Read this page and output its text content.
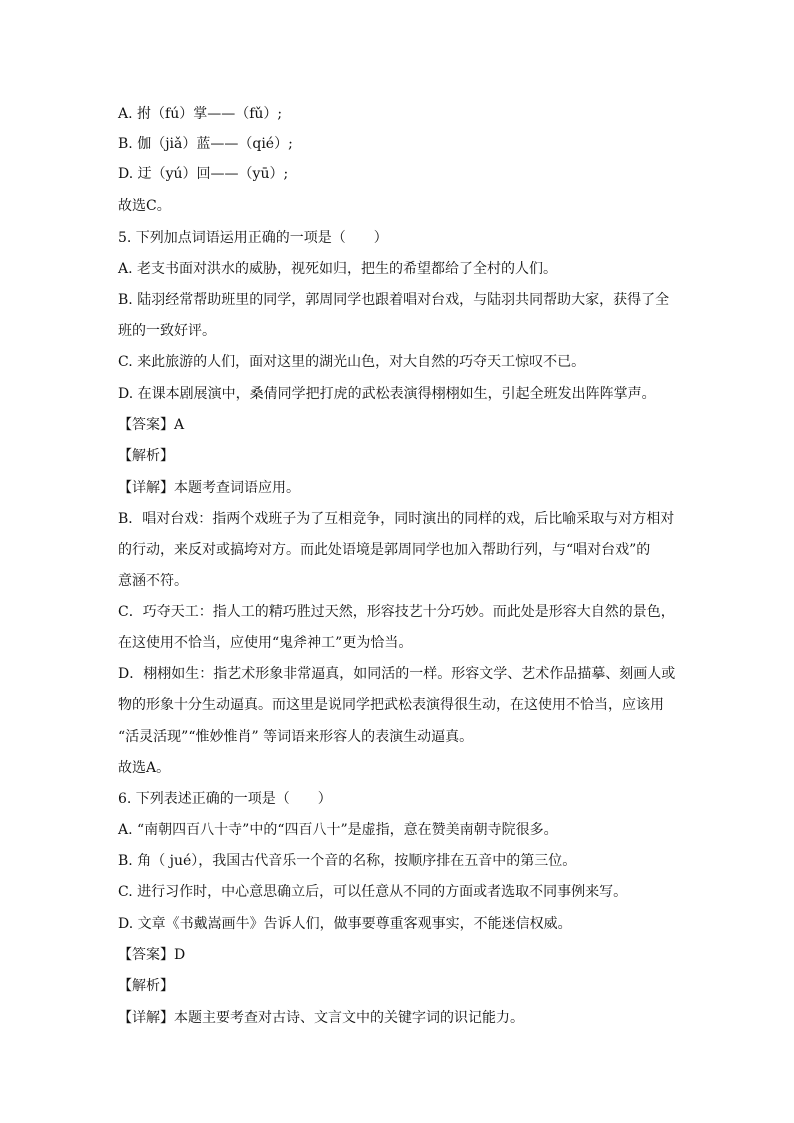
A. 拊（fú）掌——（fǔ）;
B. 伽（jiǎ）蓝——（qié）;
D. 迂（yú）回——（yū）;
故选C。
5. 下列加点词语运用正确的一项是（　　）
A. 老支书面对洪水的威胁，视死如归，把生的希望都给了全村的人们。
B. 陆羽经常帮助班里的同学，郭周同学也跟着唱对台戏，与陆羽共同帮助大家，获得了全
班的一致好评。
C. 来此旅游的人们，面对这里的湖光山色，对大自然的巧夺天工惊叹不已。
D. 在课本剧展演中，桑倩同学把打虎的武松表演得栩栩如生，引起全班发出阵阵掌声。
【答案】A
【解析】
【详解】本题考查词语应用。
B．唱对台戏：指两个戏班子为了互相竞争，同时演出的同样的戏，后比喻采取与对方相对
的行动，来反对或搞垮对方。而此处语境是郭周同学也加入帮助行列，与“唱对台戏”的
意涵不符。
C．巧夺天工：指人工的精巧胜过天然，形容技艺十分巧妙。而此处是形容大自然的景色，
在这使用不恰当，应使用“鬼斧神工”更为恰当。
D．栩栩如生：指艺术形象非常逼真，如同活的一样。形容文学、艺术作品描摹、刻画人或
物的形象十分生动逼真。而这里是说同学把武松表演得很生动，在这使用不恰当，应该用
“活灵活现”“惟妙惟肖” 等词语来形容人的表演生动逼真。
故选A。
6. 下列表述正确的一项是（　　）
A. “南朝四百八十寺”中的“四百八十”是虚指，意在赞美南朝寺院很多。
B. 角（ jué），我国古代音乐一个音的名称，按顺序排在五音中的第三位。
C. 进行习作时，中心意思确立后，可以任意从不同的方面或者选取不同事例来写。
D. 文章《书戴嵩画牛》告诉人们，做事要尊重客观事实，不能迷信权威。
【答案】D
【解析】
【详解】本题主要考查对古诗、文言文中的关键字词的识记能力。
